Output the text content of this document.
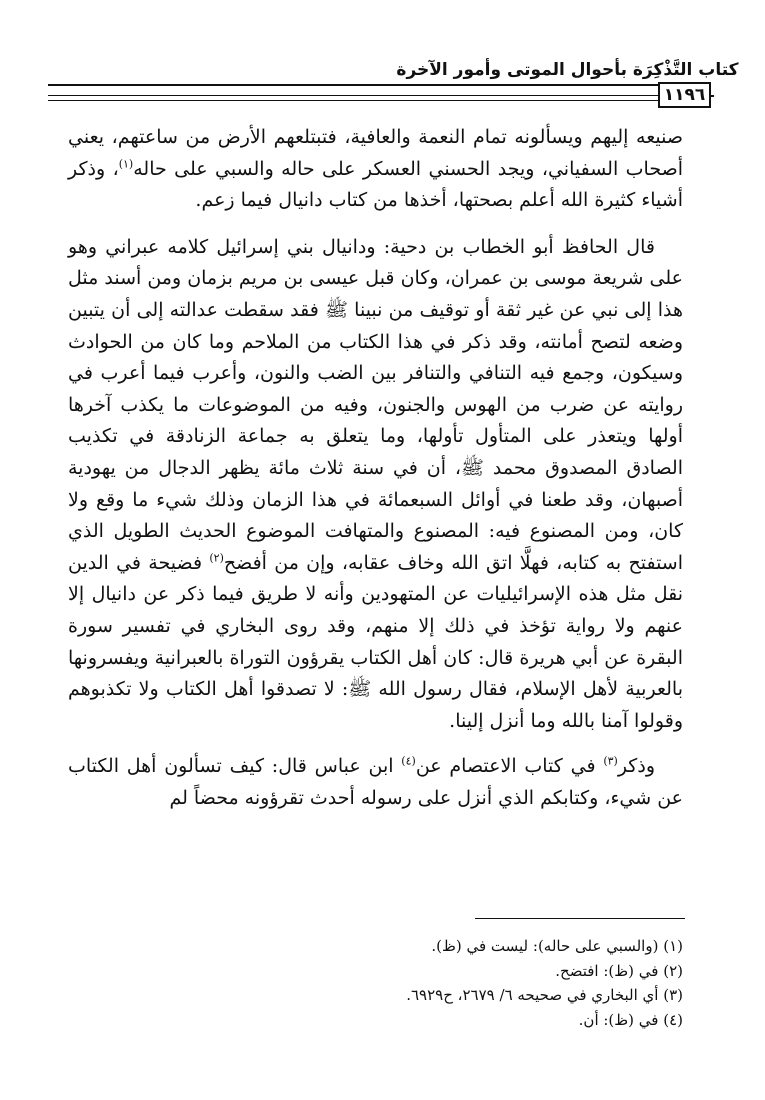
كتاب التَّذْكِرَة بأحوال الموتى وأمور الآخرة
١١٩٦

صنيعه إليهم ويسألونه تمام النعمة والعافية، فتبتلعهم الأرض من ساعتهم، يعني أصحاب السفياني، ويجد الحسني العسكر على حاله والسبي على حاله$^{(١)}$، وذكر أشياء كثيرة الله أعلم بصحتها، أخذها من كتاب دانيال فيما زعم.

قال الحافظ أبو الخطاب بن دحية: ودانيال بني إسرائيل كلامه عبراني وهو على شريعة موسى بن عمران، وكان قبل عيسى بن مريم بزمان ومن أسند مثل هذا إلى نبي عن غير ثقة أو توقيف من نبينا ﷺ فقد سقطت عدالته إلى أن يتبين وضعه لتصح أمانته، وقد ذكر في هذا الكتاب من الملاحم وما كان من الحوادث وسيكون، وجمع فيه التنافي والتنافر بين الضب والنون، وأعرب فيما أعرب في روايته عن ضرب من الهوس والجنون، وفيه من الموضوعات ما يكذب آخرها أولها ويتعذر على المتأول تأولها، وما يتعلق به جماعة الزنادقة في تكذيب الصادق المصدوق محمد ﷺ، أن في سنة ثلاث مائة يظهر الدجال من يهودية أصبهان، وقد طعنا في أوائل السبعمائة في هذا الزمان وذلك شيء ما وقع ولا كان، ومن المصنوع فيه: المصنوع والمتهافت الموضوع الحديث الطويل الذي استفتح به كتابه، فهلَّا اتق الله وخاف عقابه، وإن من أفضح$^{(٢)}$ فضيحة في الدين نقل مثل هذه الإسرائيليات عن المتهودين وأنه لا طريق فيما ذكر عن دانيال إلا عنهم ولا رواية تؤخذ في ذلك إلا منهم، وقد روى البخاري في تفسير سورة البقرة عن أبي هريرة قال: كان أهل الكتاب يقرؤون التوراة بالعبرانية ويفسرونها بالعربية لأهل الإسلام، فقال رسول الله ﷺ: لا تصدقوا أهل الكتاب ولا تكذبوهم وقولوا آمنا بالله وما أنزل إلينا.

وذكر$^{(٣)}$ في كتاب الاعتصام عن$^{(٤)}$ ابن عباس قال: كيف تسألون أهل الكتاب عن شيء، وكتابكم الذي أنزل على رسوله أحدث تقرؤونه محضاً لم

(١) (والسبي على حاله): ليست في (ظ).

(٢) في (ظ): افتضح.

(٣) أي البخاري في صحيحه ٦/ ٢٦٧٩، ح٦٩٢٩.

(٤) في (ظ): أن.
